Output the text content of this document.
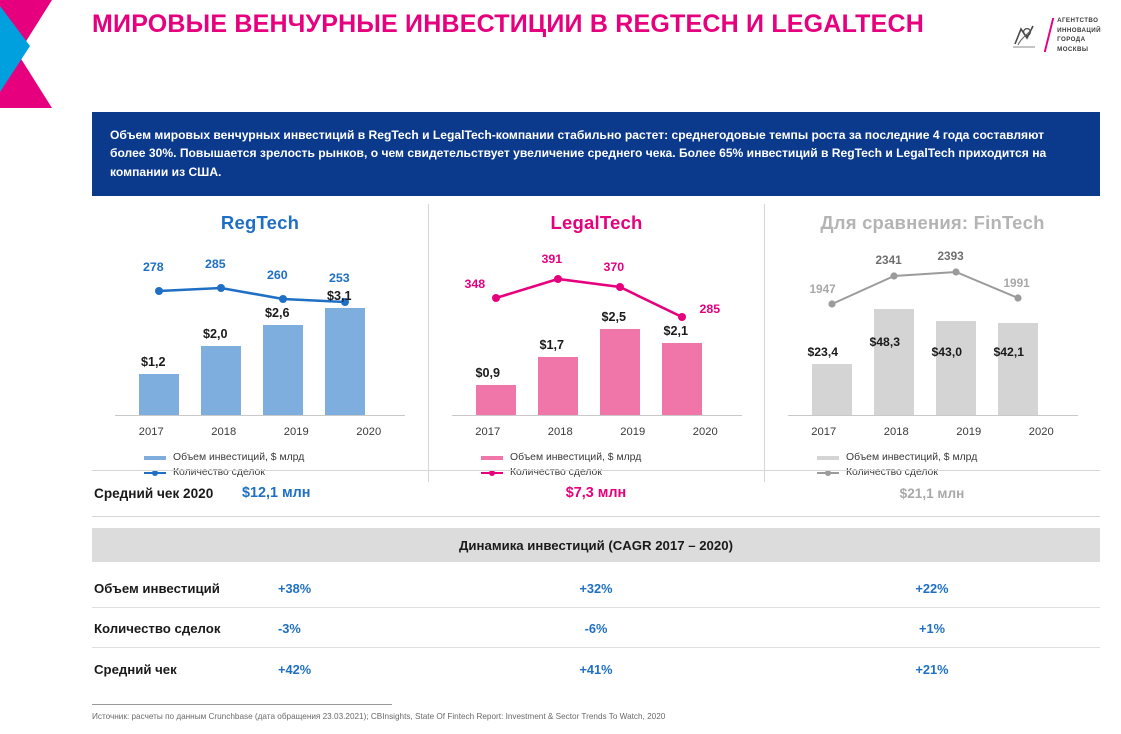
МИРОВЫЕ ВЕНЧУРНЫЕ ИНВЕСТИЦИИ В REGTECH И LEGALTECH	АГЕНТСТВО
ИННОВАЦИЙ
ГОРОДА
МОСКВЫ
Объем мировых венчурных инвестиций в RegTech и LegalTech-компании стабильно растет: среднегодовые темпы роста за последние 4 года составляют более 30%. Повышается зрелость рынков, о чем свидетельствует увеличение среднего чека. Более 65% инвестиций в RegTech и LegalTech приходится на компании из США.
RegTech
278	285
260	253
$1,2
$2,0
$2,6
$3,1
2017	2018	2019	2020
Объем инвестиций, $ млрд
Количество сделок
LegalTech
348
391
370
285
$0,9
$1,7
$2,5
$2,1
2017	2018	2019	2020
Объем инвестиций, $ млрд
Количество сделок
Для сравнения: FinTech
1947
2341	2393
1991
$23,4
$48,3
$43,0	$42,1
2017	2018	2019	2020
Объем инвестиций, $ млрд
Количество сделок
Средний чек 2020	$12,1 млн	$7,3 млн	$21,1 млн
Динамика инвестиций (CAGR 2017 – 2020)
Объем инвестиций	+38%	+32%	+22%
Количество сделок	-3%	-6%	+1%
Средний чек	+42%	+41%	+21%
Источник: расчеты по данным Crunchbase (дата обращения 23.03.2021); CBInsights, State Of Fintech Report: Investment & Sector Trends To Watch, 2020
